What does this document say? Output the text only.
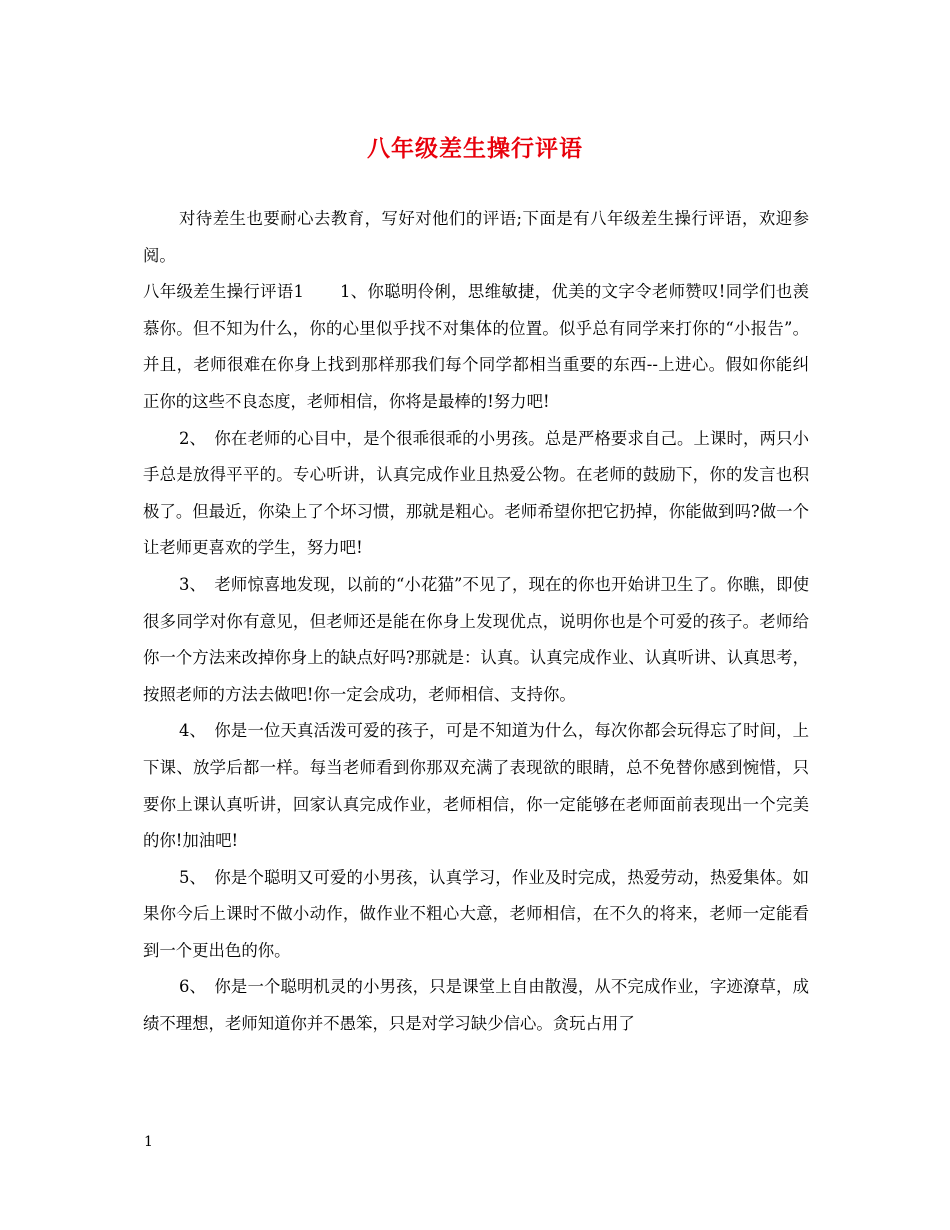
八年级差生操行评语

对待差生也要耐心去教育，写好对他们的评语;下面是有八年级差生操行评语，欢迎参阅。

八年级差生操行评语1 1、你聪明伶俐，思维敏捷，优美的文字令老师赞叹!同学们也羡慕你。但不知为什么，你的心里似乎找不对集体的位置。似乎总有同学来打你的“小报告”。并且，老师很难在你身上找到那样那我们每个同学都相当重要的东西--上进心。假如你能纠正你的这些不良态度，老师相信，你将是最棒的!努力吧!

2、　你在老师的心目中，是个很乖很乖的小男孩。总是严格要求自己。上课时，两只小手总是放得平平的。专心听讲，认真完成作业且热爱公物。在老师的鼓励下，你的发言也积极了。但最近，你染上了个坏习惯，那就是粗心。老师希望你把它扔掉，你能做到吗?做一个让老师更喜欢的学生，努力吧!

3、　老师惊喜地发现，以前的“小花猫”不见了，现在的你也开始讲卫生了。你瞧，即使很多同学对你有意见，但老师还是能在你身上发现优点，说明你也是个可爱的孩子。老师给你一个方法来改掉你身上的缺点好吗?那就是：认真。认真完成作业、认真听讲、认真思考，按照老师的方法去做吧!你一定会成功，老师相信、支持你。

4、　你是一位天真活泼可爱的孩子，可是不知道为什么，每次你都会玩得忘了时间，上下课、放学后都一样。每当老师看到你那双充满了表现欲的眼睛，总不免替你感到惋惜，只要你上课认真听讲，回家认真完成作业，老师相信，你一定能够在老师面前表现出一个完美的你!加油吧!

5、　你是个聪明又可爱的小男孩，认真学习，作业及时完成，热爱劳动，热爱集体。如果你今后上课时不做小动作，做作业不粗心大意，老师相信，在不久的将来，老师一定能看到一个更出色的你。

6、　你是一个聪明机灵的小男孩，只是课堂上自由散漫，从不完成作业，字迹潦草，成绩不理想，老师知道你并不愚笨，只是对学习缺少信心。贪玩占用了

1
